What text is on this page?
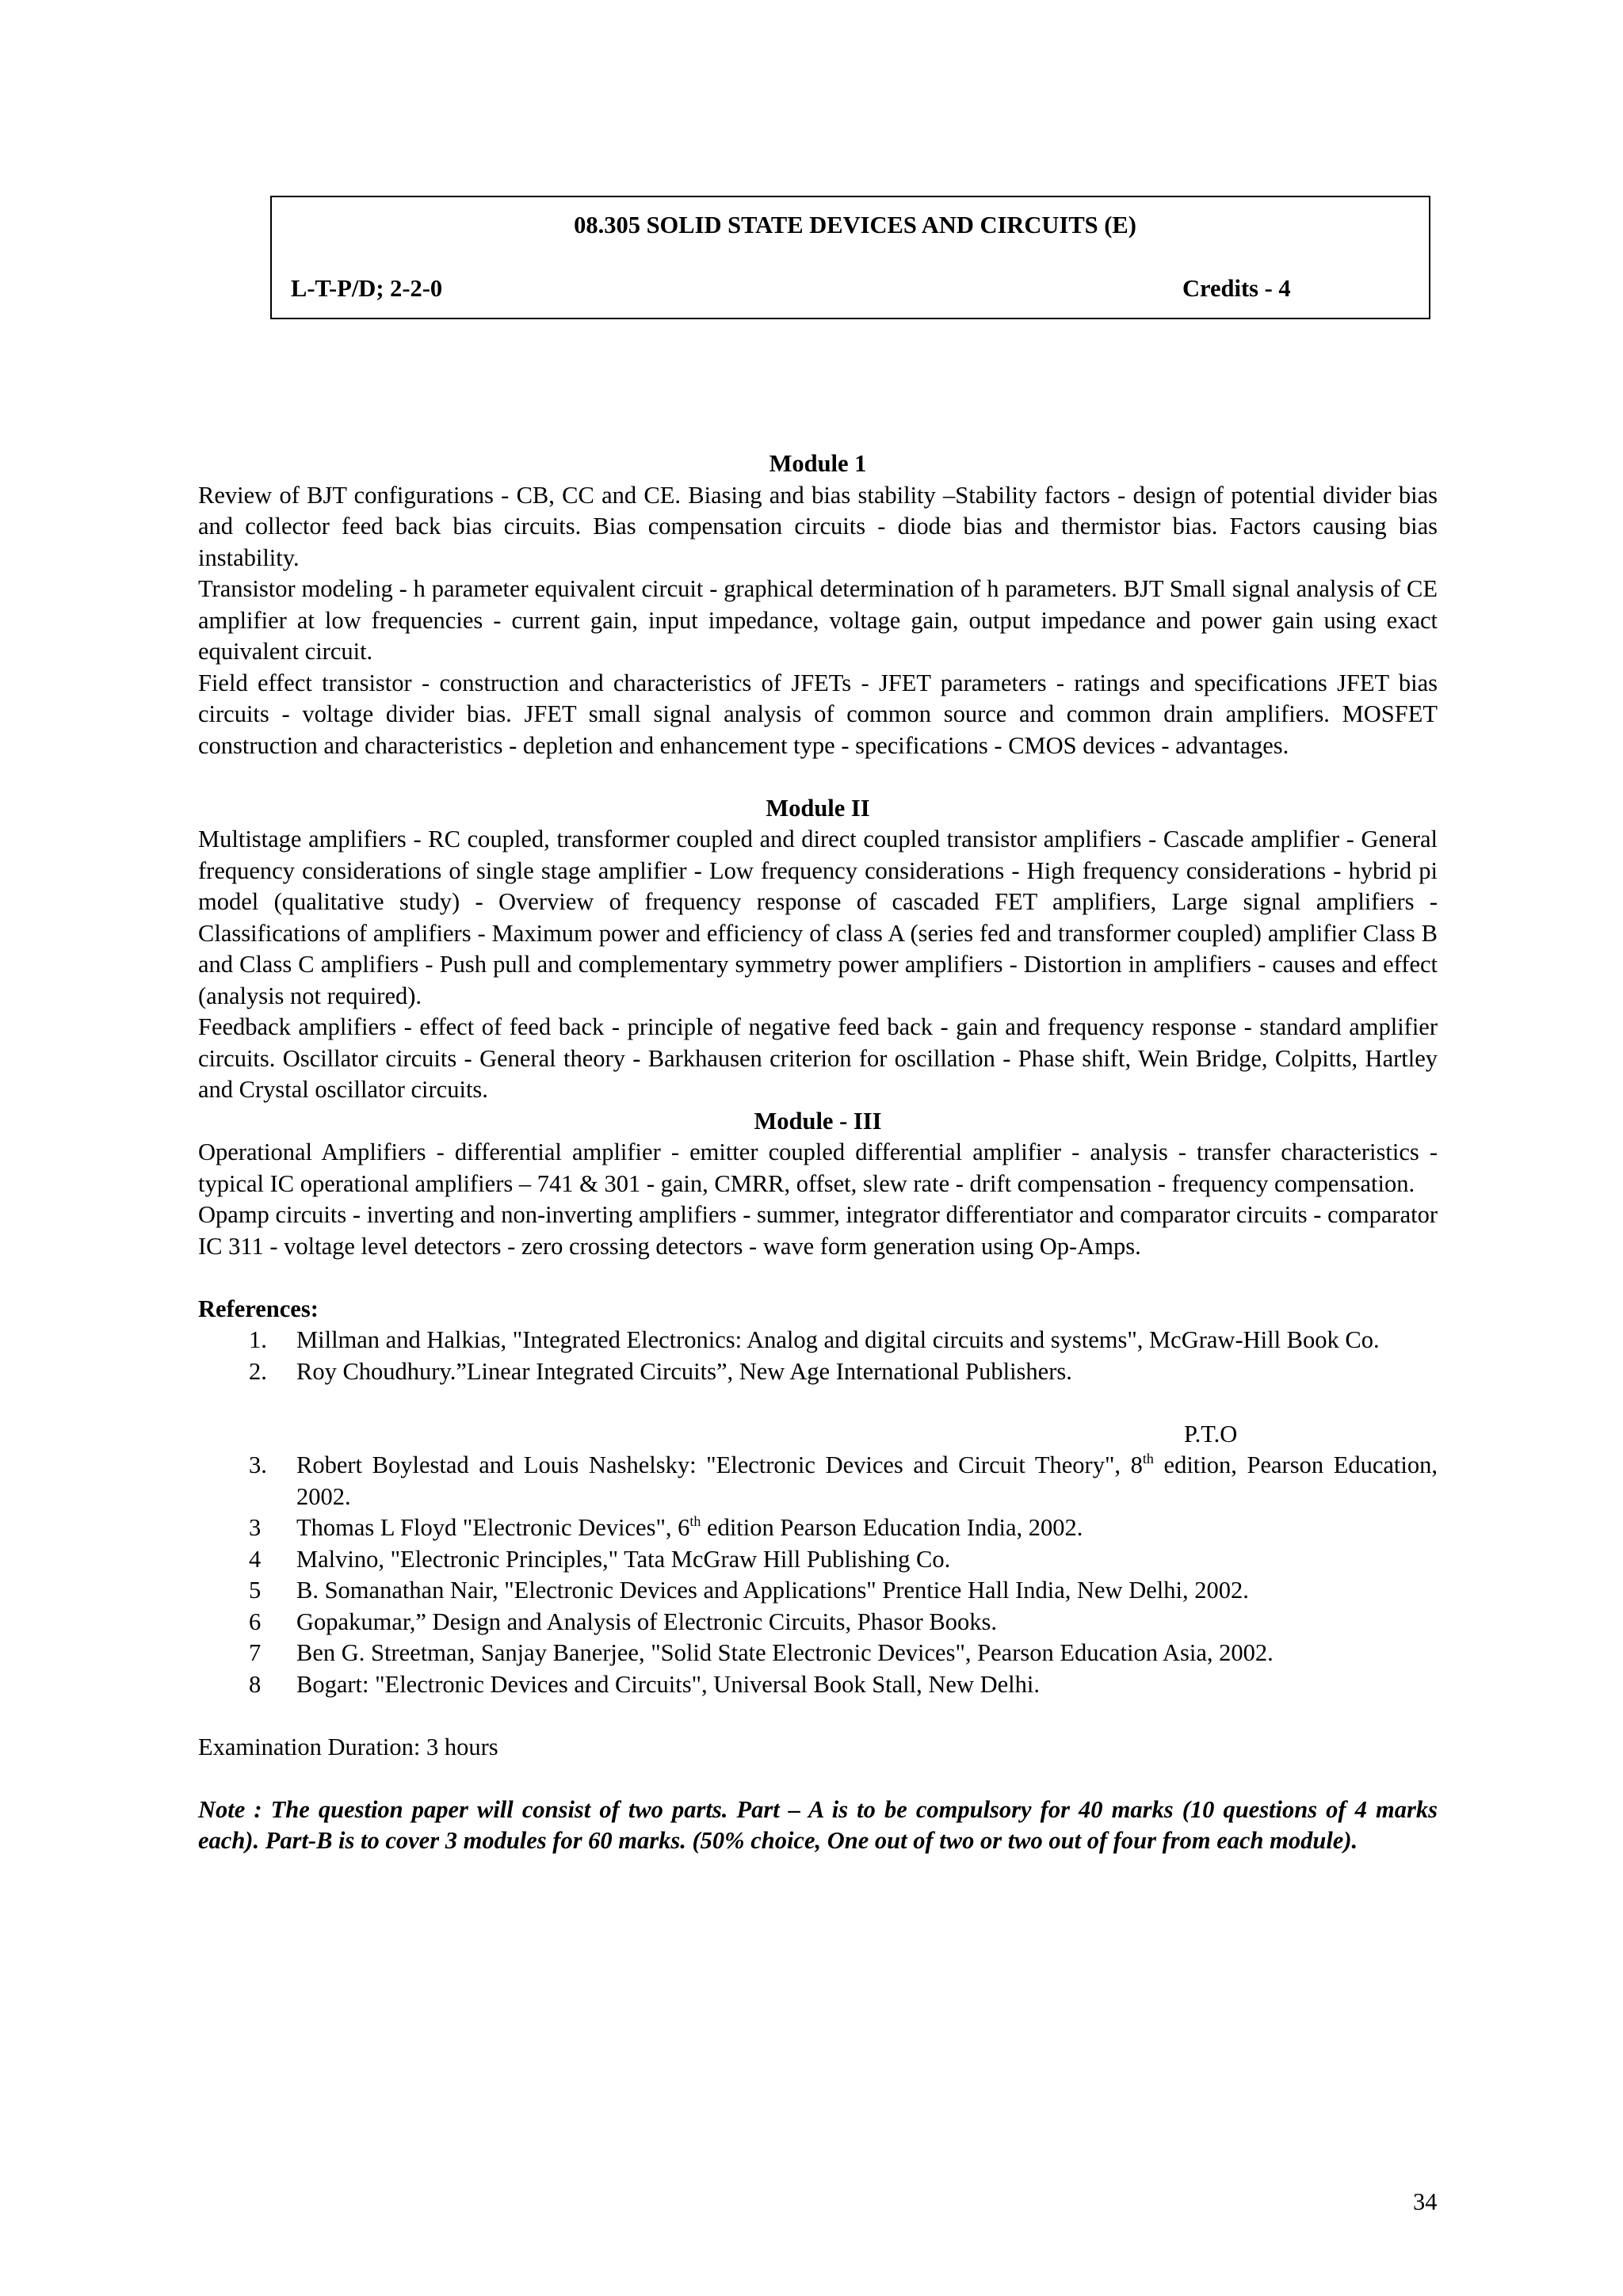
08.305 SOLID STATE DEVICES AND CIRCUITS (E)
L-T-P/D; 2-2-0	Credits - 4

Module 1

Review of BJT configurations - CB, CC and CE. Biasing and bias stability –Stability factors - design of potential divider bias and collector feed back bias circuits. Bias compensation circuits - diode bias and thermistor bias. Factors causing bias instability.

Transistor modeling - h parameter equivalent circuit - graphical determination of h parameters. BJT Small signal analysis of CE amplifier at low frequencies - current gain, input impedance, voltage gain, output impedance and power gain using exact equivalent circuit.

Field effect transistor - construction and characteristics of JFETs - JFET parameters - ratings and specifications JFET bias circuits - voltage divider bias. JFET small signal analysis of common source and common drain amplifiers. MOSFET construction and characteristics - depletion and enhancement type - specifications - CMOS devices - advantages.

Module II

Multistage amplifiers - RC coupled, transformer coupled and direct coupled transistor amplifiers - Cascade amplifier - General frequency considerations of single stage amplifier - Low frequency considerations - High frequency considerations - hybrid pi model (qualitative study) - Overview of frequency response of cascaded FET amplifiers, Large signal amplifiers - Classifications of amplifiers - Maximum power and efficiency of class A (series fed and transformer coupled) amplifier Class B and Class C amplifiers - Push pull and complementary symmetry power amplifiers - Distortion in amplifiers - causes and effect (analysis not required).

Feedback amplifiers - effect of feed back - principle of negative feed back - gain and frequency response - standard amplifier circuits. Oscillator circuits - General theory - Barkhausen criterion for oscillation - Phase shift, Wein Bridge, Colpitts, Hartley and Crystal oscillator circuits.

Module - III

Operational Amplifiers - differential amplifier - emitter coupled differential amplifier - analysis - transfer characteristics - typical IC operational amplifiers – 741 & 301 - gain, CMRR, offset, slew rate - drift compensation - frequency compensation.

Opamp circuits - inverting and non-inverting amplifiers - summer, integrator differentiator and comparator circuits - comparator IC 311 - voltage level detectors - zero crossing detectors - wave form generation using Op-Amps.

References:

1. Millman and Halkias, "Integrated Electronics: Analog and digital circuits and systems", McGraw-Hill Book Co.

2. Roy Choudhury.”Linear Integrated Circuits”, New Age International Publishers.

P.T.O

3. Robert Boylestad and Louis Nashelsky: "Electronic Devices and Circuit Theory", 8th edition, Pearson Education, 2002.

3 Thomas L Floyd "Electronic Devices", 6th edition Pearson Education India, 2002.

4 Malvino, "Electronic Principles," Tata McGraw Hill Publishing Co.

5 B. Somanathan Nair, "Electronic Devices and Applications" Prentice Hall India, New Delhi, 2002.

6 Gopakumar,” Design and Analysis of Electronic Circuits, Phasor Books.

7 Ben G. Streetman, Sanjay Banerjee, "Solid State Electronic Devices", Pearson Education Asia, 2002.

8 Bogart: "Electronic Devices and Circuits", Universal Book Stall, New Delhi.

Examination Duration: 3 hours

Note : The question paper will consist of two parts. Part – A is to be compulsory for 40 marks (10 questions of 4 marks each). Part-B is to cover 3 modules for 60 marks. (50% choice, One out of two or two out of four from each module).

34
